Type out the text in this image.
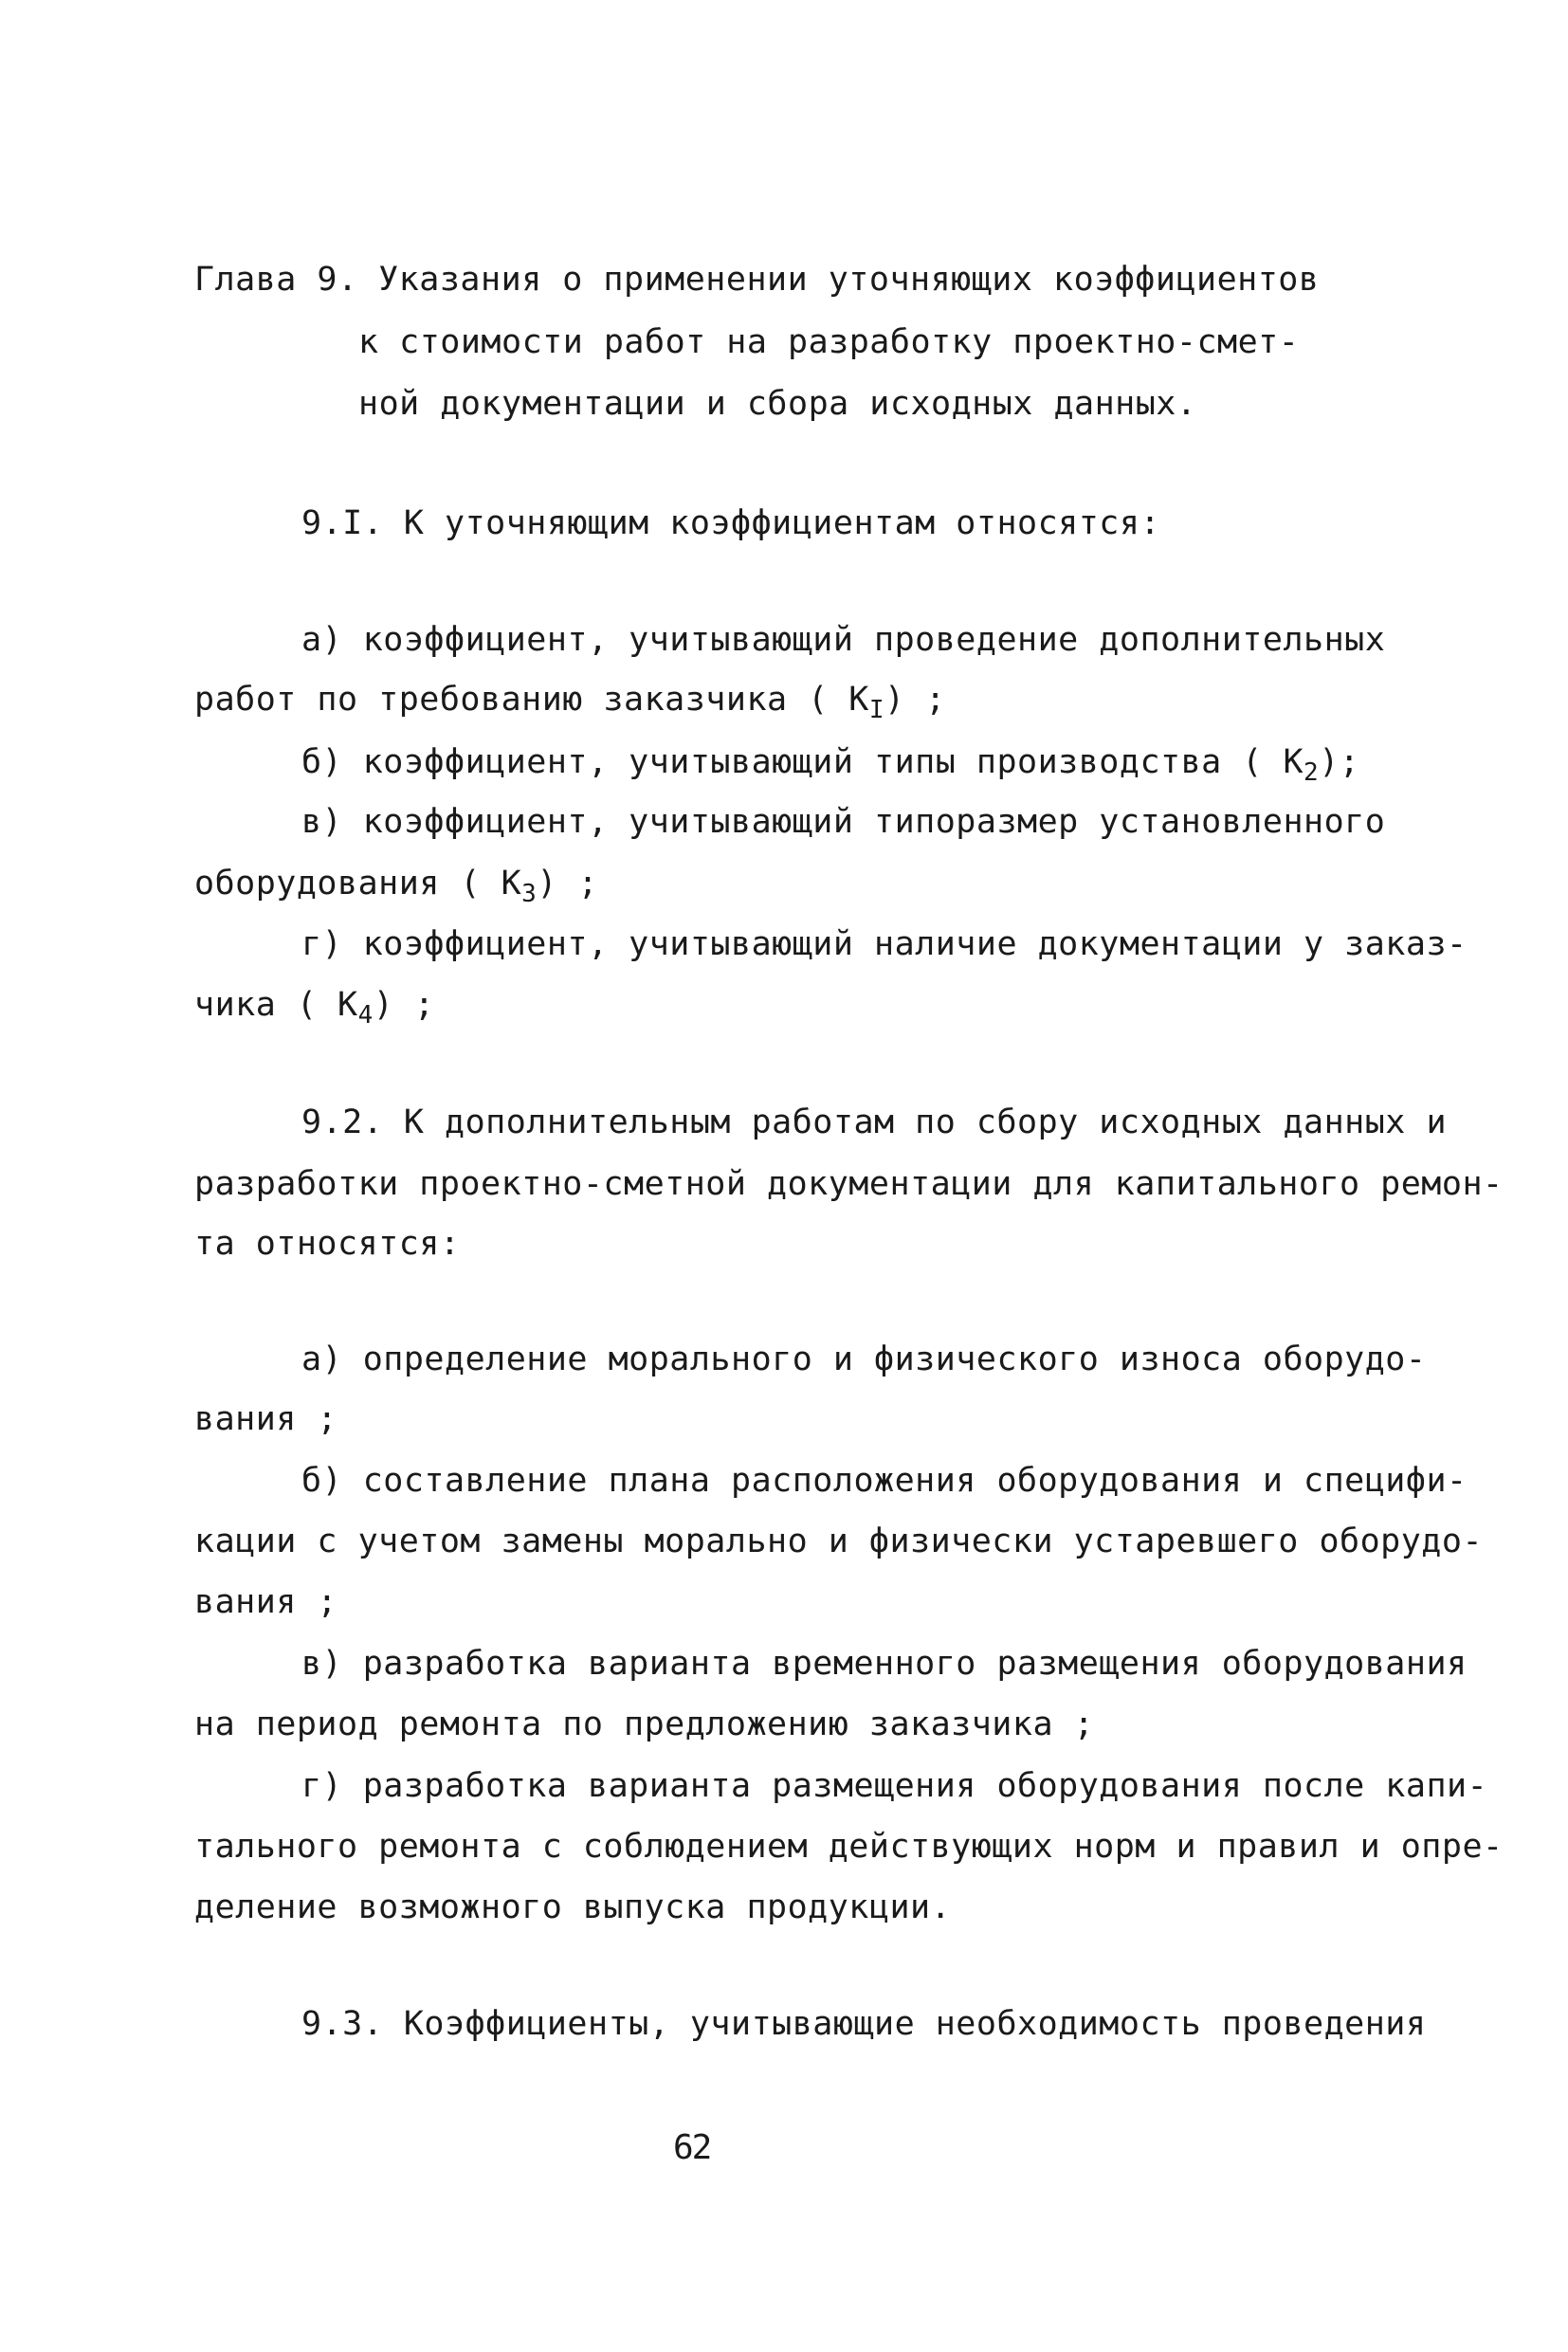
Глава 9. Указания о применении уточняющих коэффициентов
к стоимости работ на разработку проектно-смет-
ной документации и сбора исходных данных.
9.I. К уточняющим коэффициентам относятся:
а) коэффициент, учитывающий проведение дополнительных
работ по требованию заказчика ( $К_I$) ;
б) коэффициент, учитывающий типы производства ( $К_2$);
в) коэффициент, учитывающий типоразмер установленного
оборудования ( $К_3$) ;
г) коэффициент, учитывающий наличие документации у заказ-
чика ( $К_4$) ;
9.2. К дополнительным работам по сбору исходных данных и
разработки проектно-сметной документации для капитального ремон-
та относятся:
а) определение морального и физического износа оборудо-
вания ;
б) составление плана расположения оборудования и специфи-
кации с учетом замены морально и физически устаревшего оборудо-
вания ;
в) разработка варианта временного размещения оборудования
на период ремонта по предложению заказчика ;
г) разработка варианта размещения оборудования после капи-
тального ремонта с соблюдением действующих норм и правил и опре-
деление возможного выпуска продукции.
9.3. Коэффициенты, учитывающие необходимость проведения
62
